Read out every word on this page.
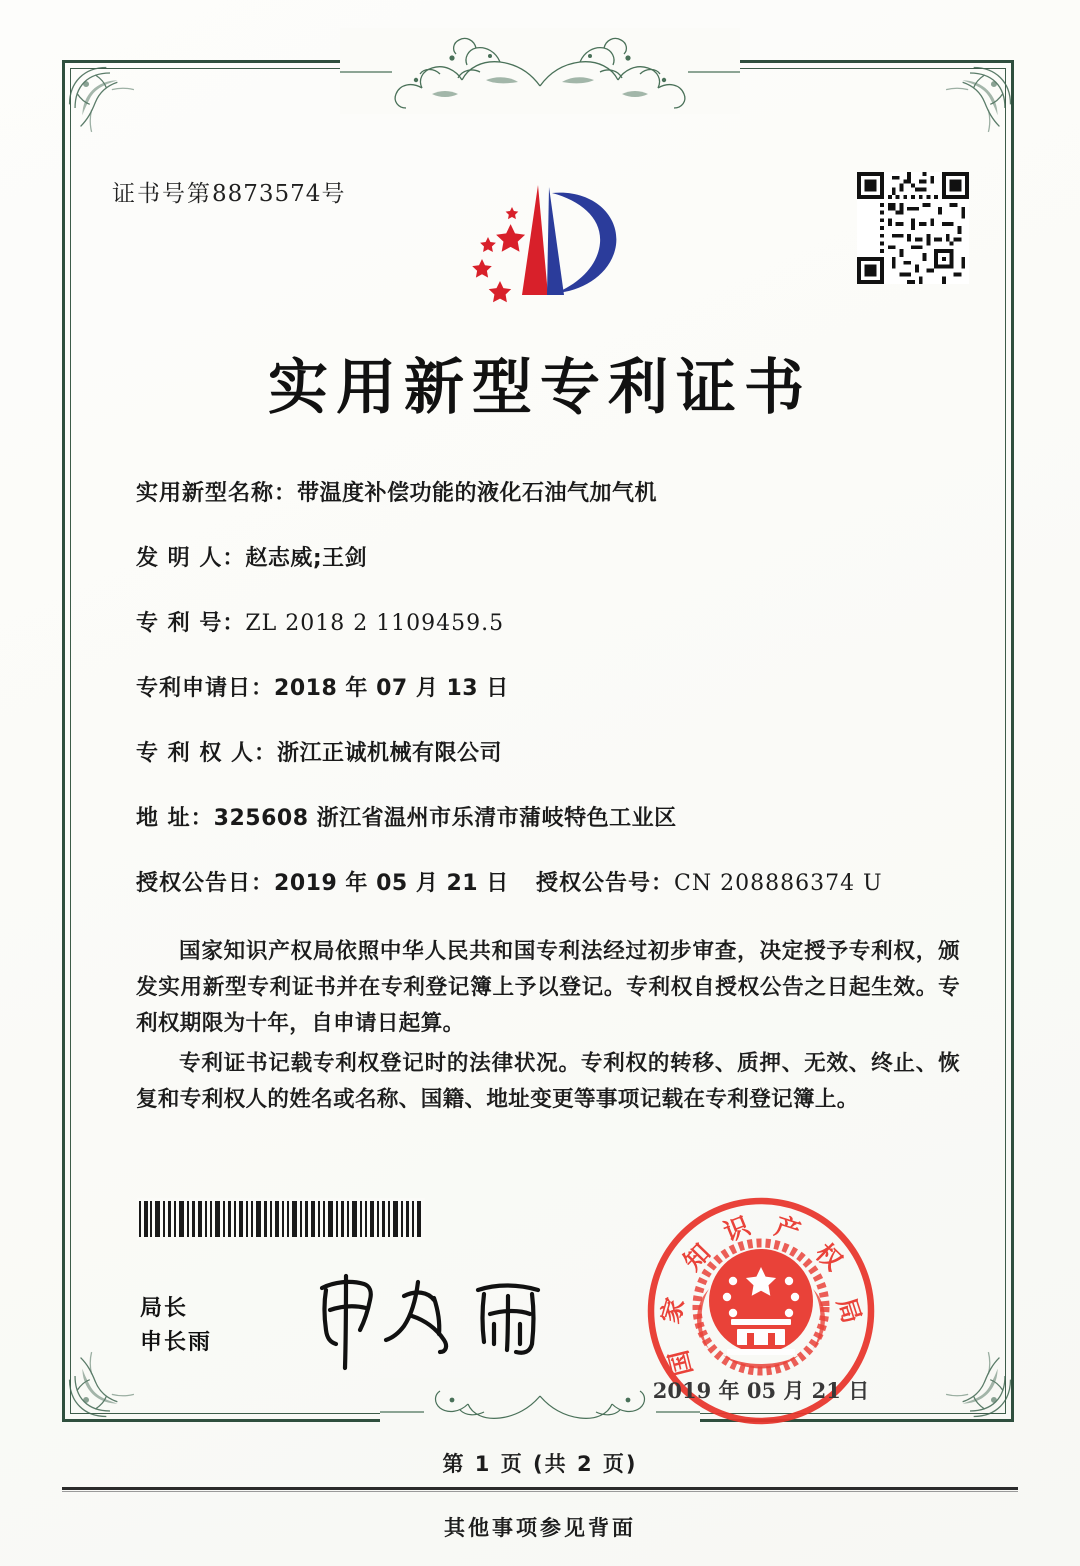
证书号第8873574号
实用新型专利证书
实用新型名称：带温度补偿功能的液化石油气加气机
发 明 人：赵志威;王剑
专 利 号：ZL 2018 2 1109459.5
专利申请日：2018 年 07 月 13 日
专 利 权 人：浙江正诚机械有限公司
地 址：325608 浙江省温州市乐清市蒲岐特色工业区
授权公告日：2019 年 05 月 21 日 授权公告号：CN 208886374 U

国家知识产权局依照中华人民共和国专利法经过初步审查，决定授予专利权，颁发实用新型专利证书并在专利登记簿上予以登记。专利权自授权公告之日起生效。专利权期限为十年，自申请日起算。

专利证书记载专利权登记时的法律状况。专利权的转移、质押、无效、终止、恢复和专利权人的姓名或名称、国籍、地址变更等事项记载在专利登记簿上。

局长
申长雨
知
识 产
权
局
家
国
2019 年 05 月 21 日
第 1 页 (共 2 页)
其他事项参见背面
